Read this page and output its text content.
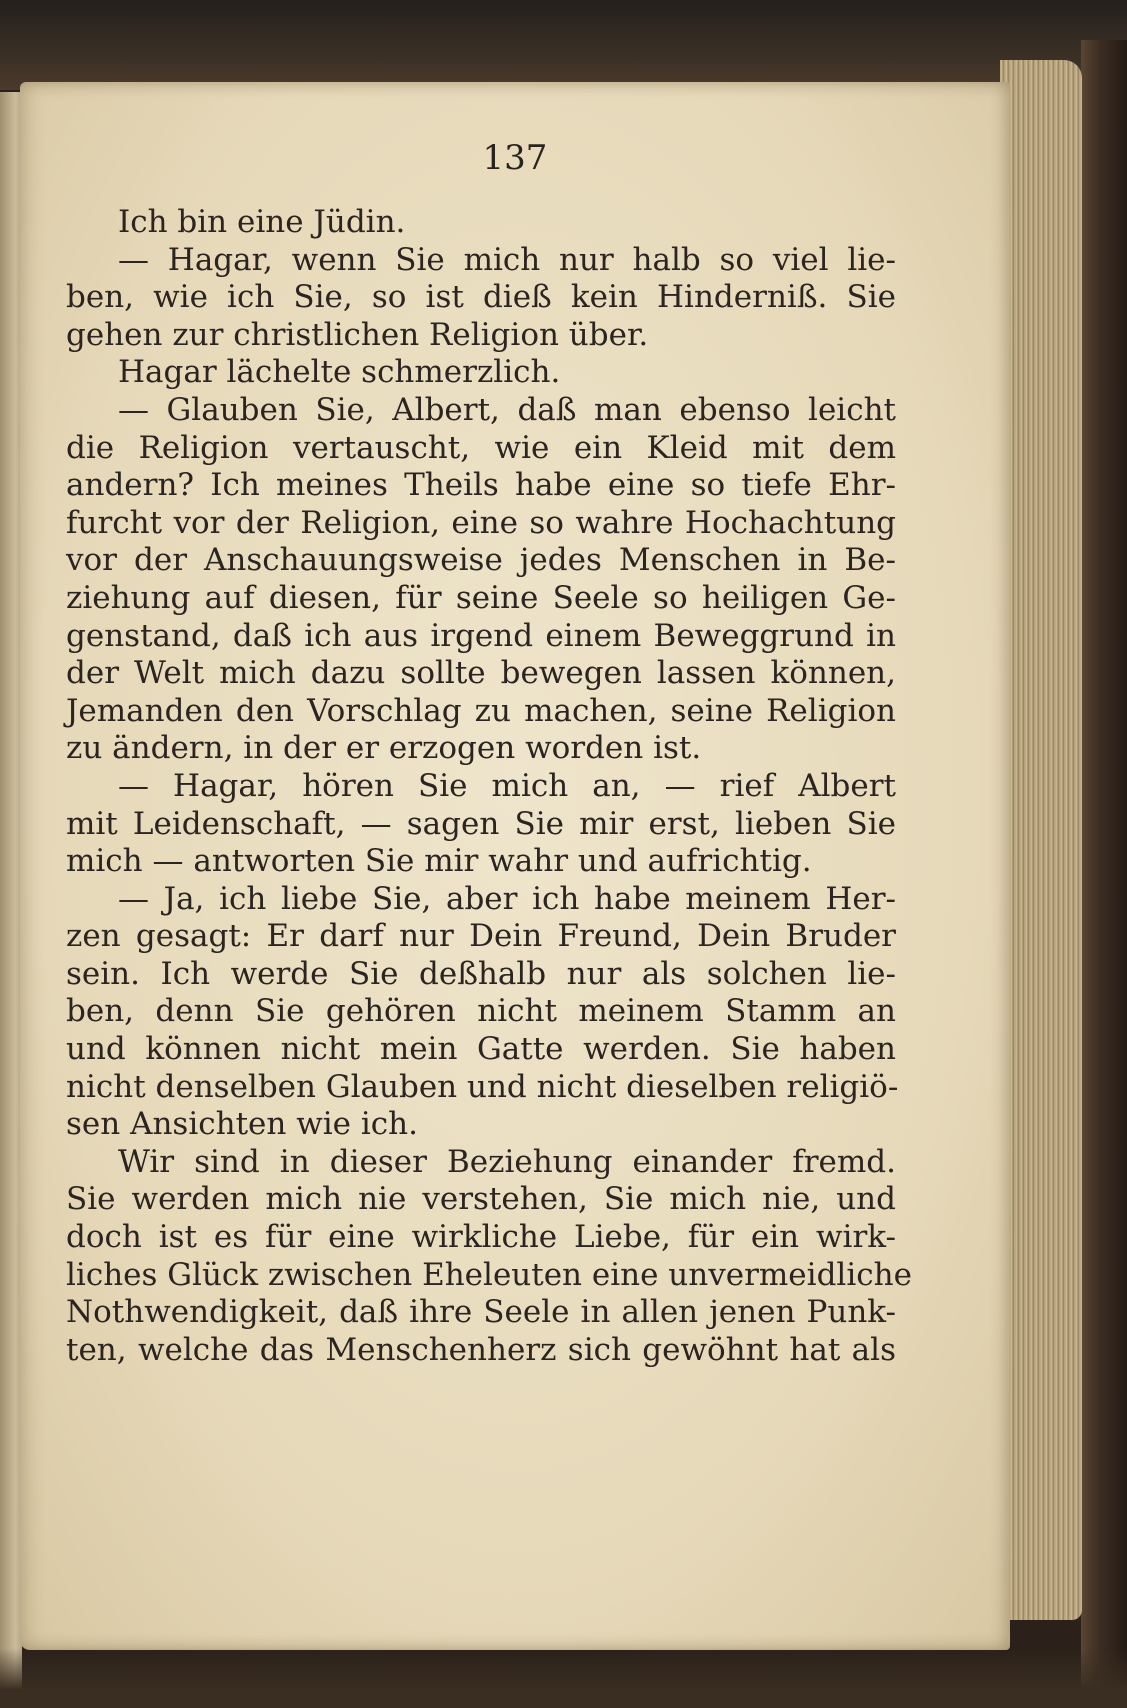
137
Ich bin eine Jüdin.
— Hagar, wenn Sie mich nur halb so viel lie-
ben, wie ich Sie, so ist dieß kein Hinderniß. Sie
gehen zur christlichen Religion über.
Hagar lächelte schmerzlich.
— Glauben Sie, Albert, daß man ebenso leicht
die Religion vertauscht, wie ein Kleid mit dem
andern? Ich meines Theils habe eine so tiefe Ehr-
furcht vor der Religion, eine so wahre Hochachtung
vor der Anschauungsweise jedes Menschen in Be-
ziehung auf diesen, für seine Seele so heiligen Ge-
genstand, daß ich aus irgend einem Beweggrund in
der Welt mich dazu sollte bewegen lassen können,
Jemanden den Vorschlag zu machen, seine Religion
zu ändern, in der er erzogen worden ist.
— Hagar, hören Sie mich an, — rief Albert
mit Leidenschaft, — sagen Sie mir erst, lieben Sie
mich — antworten Sie mir wahr und aufrichtig.
— Ja, ich liebe Sie, aber ich habe meinem Her-
zen gesagt: Er darf nur Dein Freund, Dein Bruder
sein. Ich werde Sie deßhalb nur als solchen lie-
ben, denn Sie gehören nicht meinem Stamm an
und können nicht mein Gatte werden. Sie haben
nicht denselben Glauben und nicht dieselben religiö-
sen Ansichten wie ich.
Wir sind in dieser Beziehung einander fremd.
Sie werden mich nie verstehen, Sie mich nie, und
doch ist es für eine wirkliche Liebe, für ein wirk-
liches Glück zwischen Eheleuten eine unvermeidliche
Nothwendigkeit, daß ihre Seele in allen jenen Punk-
ten, welche das Menschenherz sich gewöhnt hat als
